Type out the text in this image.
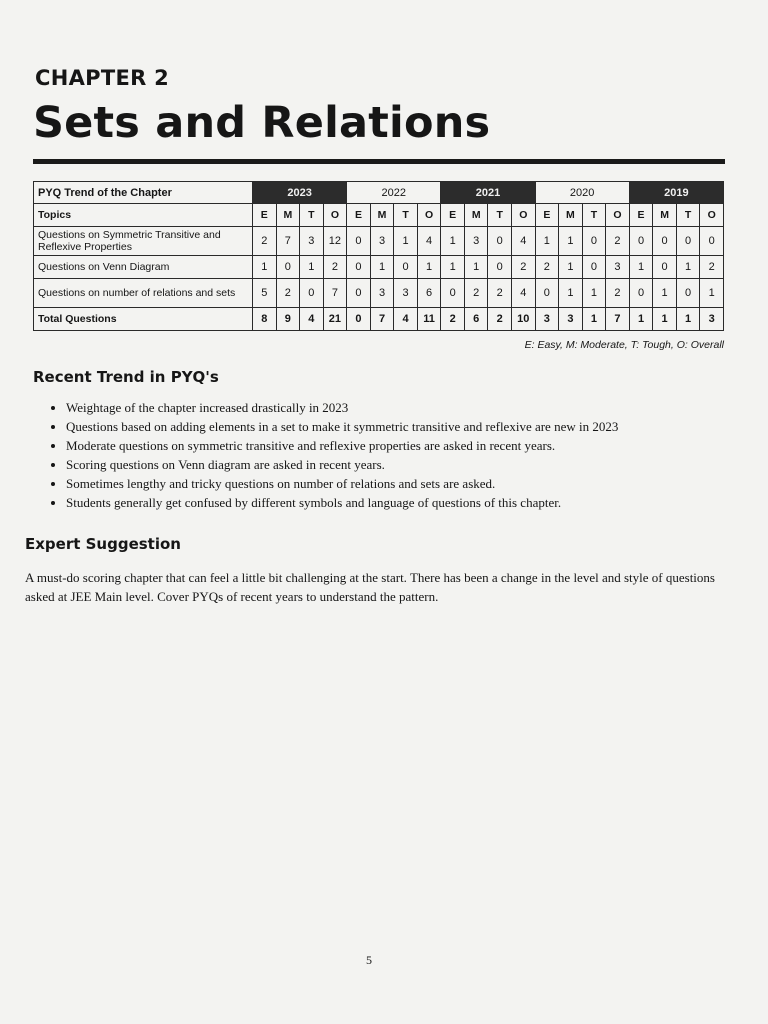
CHAPTER 2
Sets and Relations
PYQ Trend of the Chapter	2023				2022				2021				2020				2019			
Topics	E	M	T	O	E	M	T	O	E	M	T	O	E	M	T	O	E	M	T	O
Questions on Symmetric Transitive and Reflexive Properties	2	7	3	12	0	3	1	4	1	3	0	4	1	1	0	2	0	0	0	0
Questions on Venn Diagram	1	0	1	2	0	1	0	1	1	1	0	2	2	1	0	3	1	0	1	2
Questions on number of relations and sets	5	2	0	7	0	3	3	6	0	2	2	4	0	1	1	2	0	1	0	1
Total Questions	8	9	4	21	0	7	4	11	2	6	2	10	3	3	1	7	1	1	1	3
E: Easy, M: Moderate, T: Tough, O: Overall
Recent Trend in PYQ's
Weightage of the chapter increased drastically in 2023
Questions based on adding elements in a set to make it symmetric transitive and reflexive are new in 2023
Moderate questions on symmetric transitive and reflexive properties are asked in recent years.
Scoring questions on Venn diagram are asked in recent years.
Sometimes lengthy and tricky questions on number of relations and sets are asked.
Students generally get confused by different symbols and language of questions of this chapter.
Expert Suggestion

A must-do scoring chapter that can feel a little bit challenging at the start. There has been a change in the level and style of questions asked at JEE Main level. Cover PYQs of recent years to understand the pattern.

5
